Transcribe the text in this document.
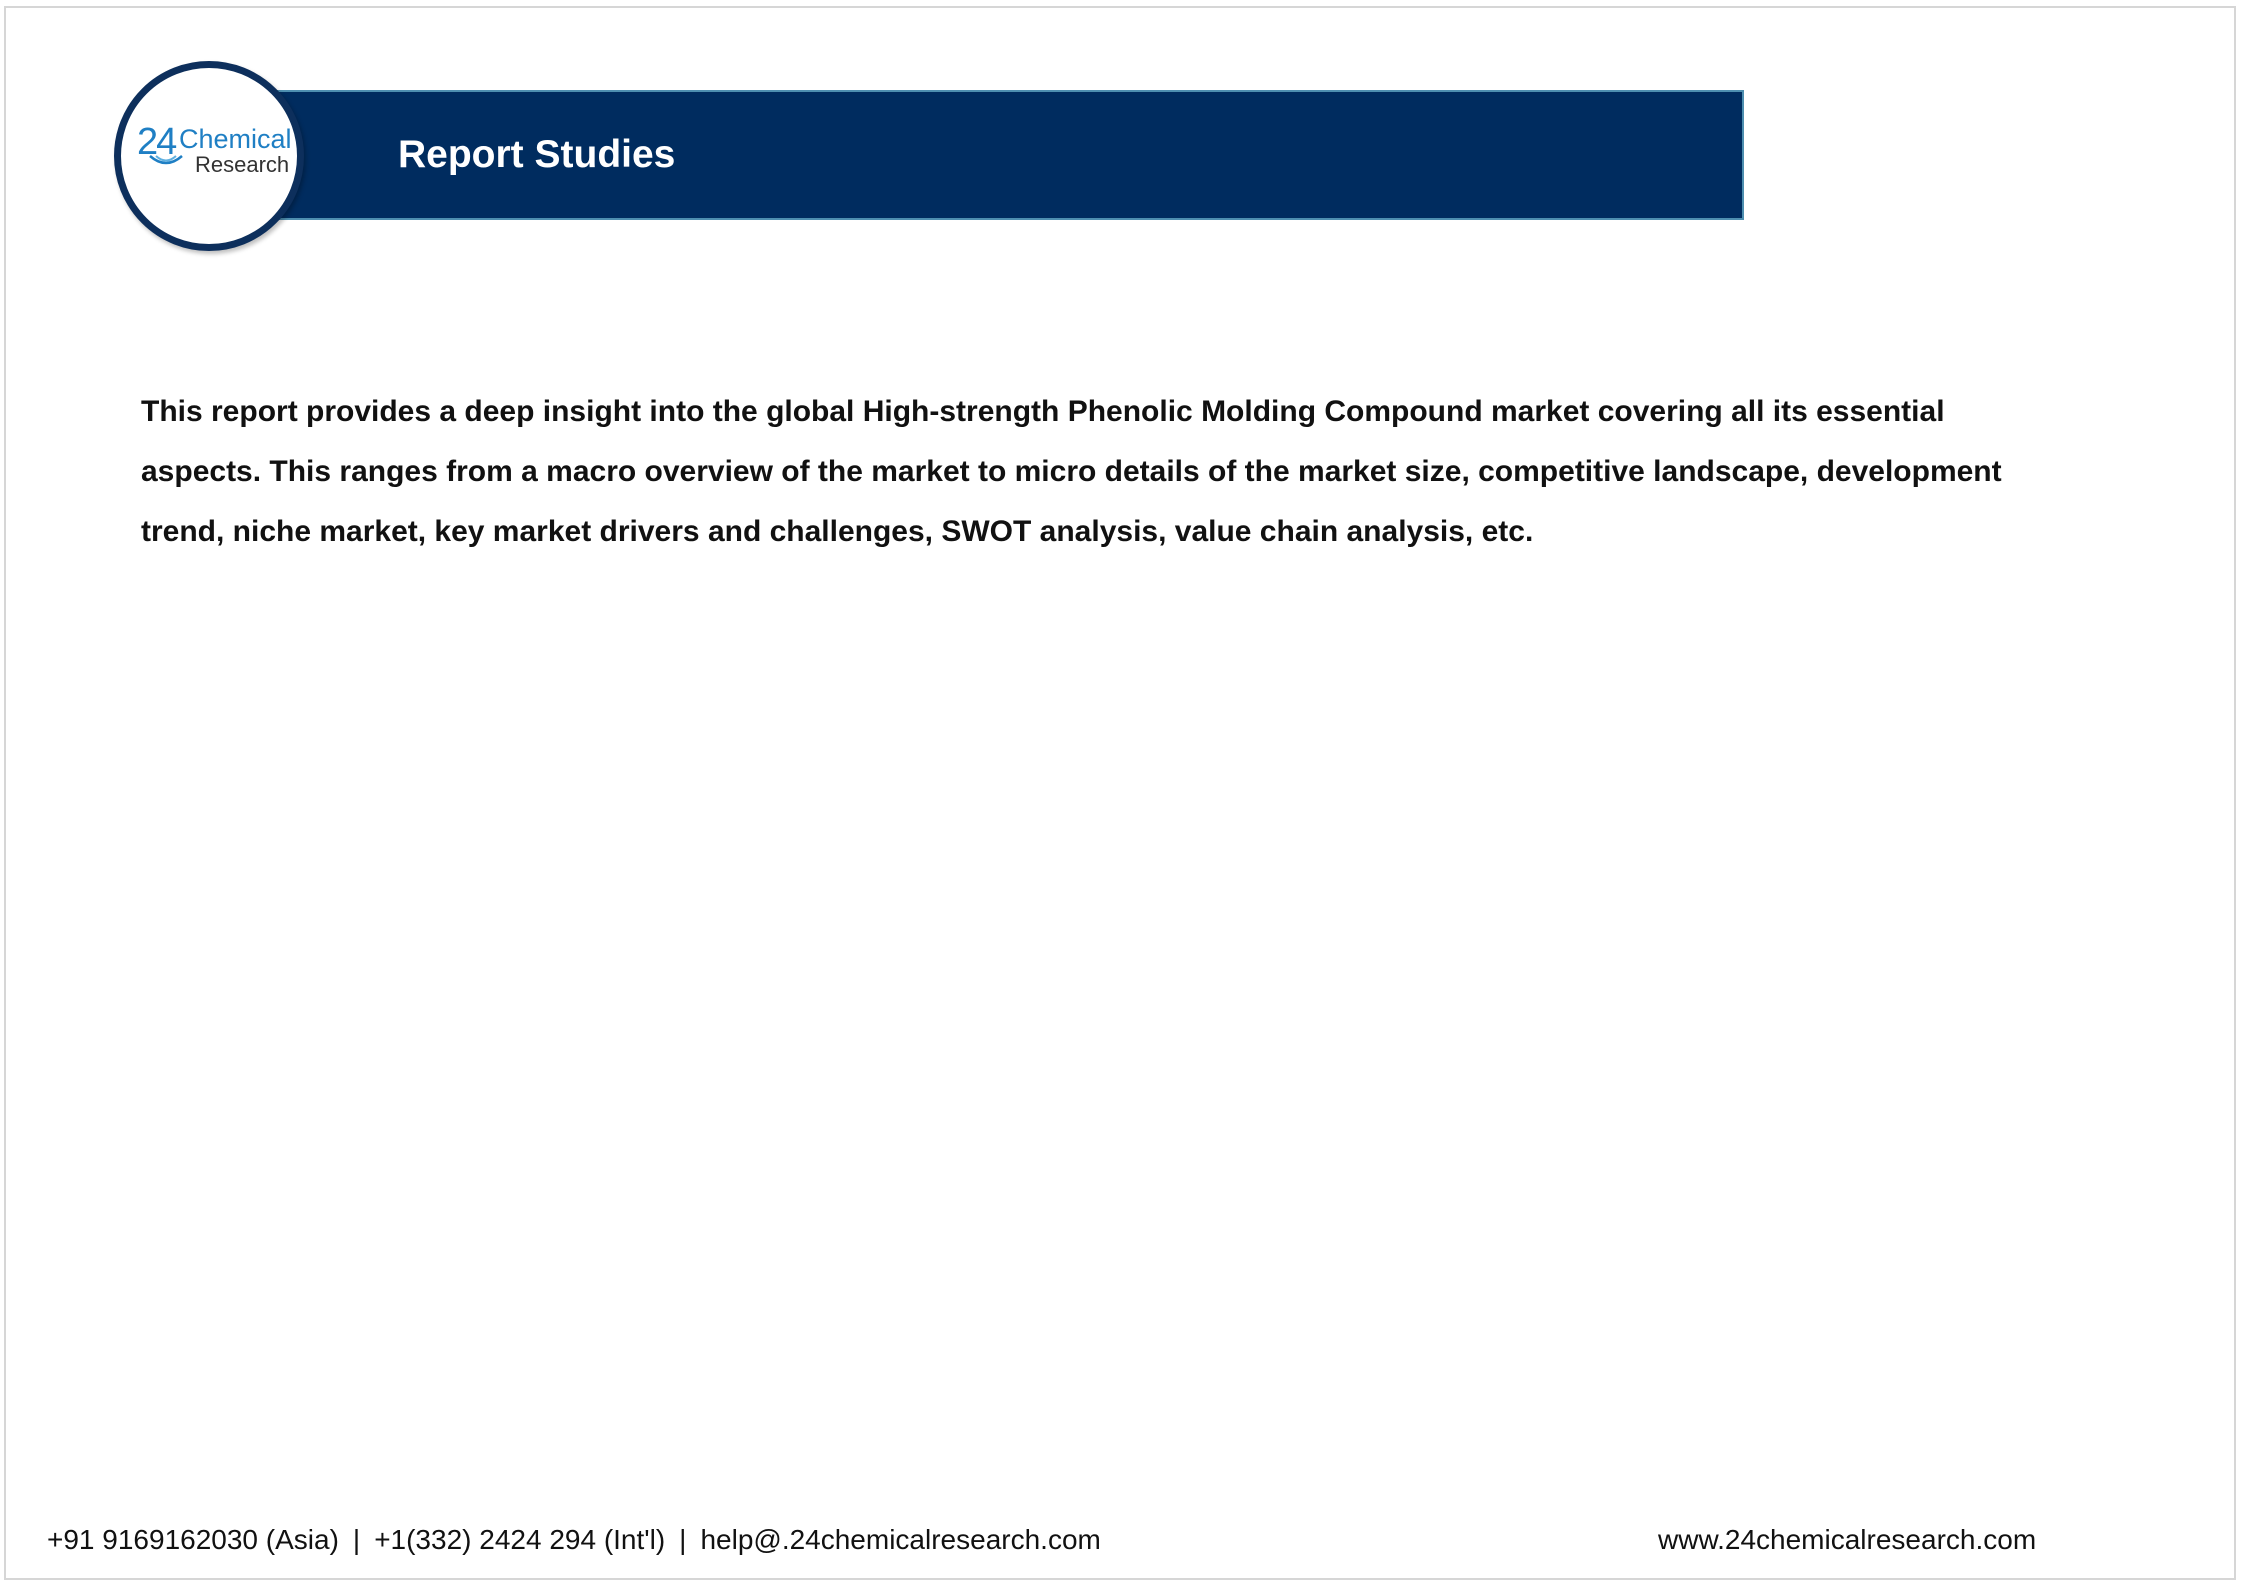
Report Studies
24 Chemical
Research

This report provides a deep insight into the global High-strength Phenolic Molding Compound market covering all its essential aspects. This ranges from a macro overview of the market to micro details of the market size, competitive landscape, development trend, niche market, key market drivers and challenges, SWOT analysis, value chain analysis, etc.

+91 9169162030 (Asia) | +1(332) 2424 294 (Int'l) | help@.24chemicalresearch.com	www.24chemicalresearch.com
